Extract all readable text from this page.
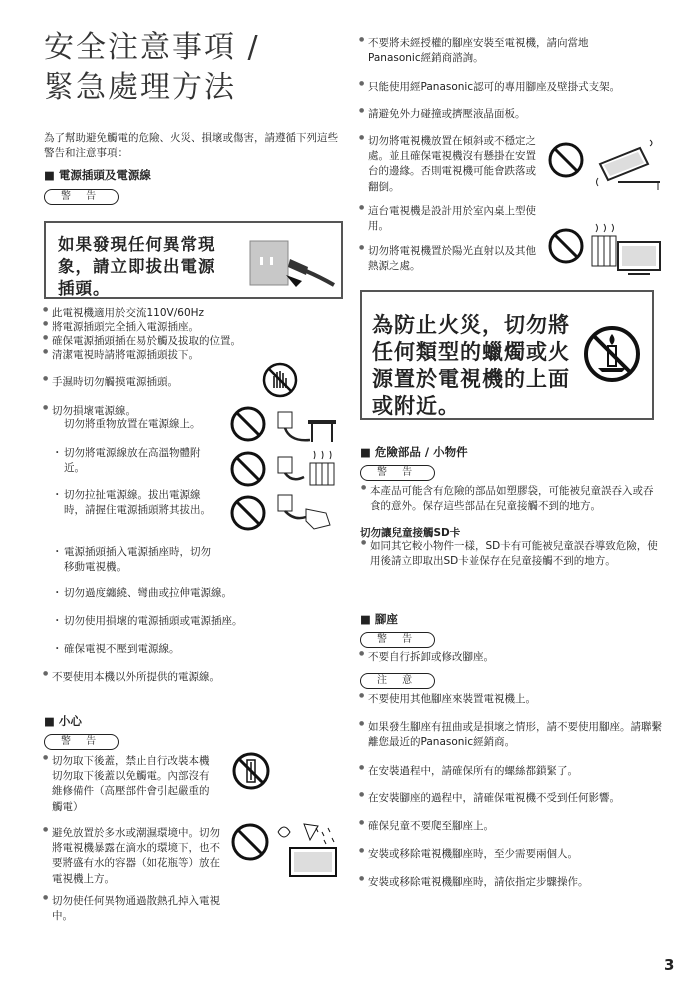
安全注意事項 /
緊急處理方法
為了幫助避免觸電的危險、火災、損壞或傷害，請遵循下列這些警告和注意事項：
■ 電源插頭及電源線
警 告
如果發現任何異常現
象，請立即拔出電源
插頭。
● 此電視機適用於交流110V/60Hz
● 將電源插頭完全插入電源插座。
● 確保電源插頭插在易於觸及拔取的位置。
● 清潔電視時請將電源插頭拔下。
● 手濕時切勿觸摸電源插頭。
● 切勿損壞電源線。
切勿將重物放置在電源線上。
・ 切勿將電源線放在高溫物體附近。
・ 切勿拉扯電源線。拔出電源線時，請握住電源插頭將其拔出。
・ 電源插頭插入電源插座時，切勿移動電視機。
・ 切勿過度纏繞、彎曲或拉伸電源線。
・ 切勿使用損壞的電源插頭或電源插座。
・ 確保電視不壓到電源線。
● 不要使用本機以外所提供的電源線。
■ 小心
警 告
● 切勿取下後蓋，禁止自行改裝本機切勿取下後蓋以免觸電。內部沒有維修備件（高壓部件會引起嚴重的觸電）
● 避免放置於多水或潮濕環境中。切勿將電視機暴露在滴水的環境下，也不要將盛有水的容器（如花瓶等）放在電視機上方。
● 切勿使任何異物通過散熱孔掉入電視中。
● 不要將未經授權的腳座安裝至電視機，請向當地Panasonic經銷商諮詢。
● 只能使用經Panasonic認可的專用腳座及壁掛式支架。
● 請避免外力碰撞或擠壓液晶面板。
● 切勿將電視機放置在傾斜或不穩定之處。並且確保電視機沒有懸掛在安置台的邊緣。否則電視機可能會跌落或翻倒。
● 這台電視機是設計用於室內桌上型使用。
● 切勿將電視機置於陽光直射以及其他熱源之處。
為防止火災，切勿將
任何類型的蠟燭或火
源置於電視機的上面
或附近。
■ 危險部品 / 小物件
警 告
● 本產品可能含有危險的部品如塑膠袋，可能被兒童誤吞入或吞食的意外。保存這些部品在兒童接觸不到的地方。
切勿讓兒童接觸SD卡
● 如同其它較小物件一樣，SD卡有可能被兒童誤吞導致危險，使用後請立即取出SD卡並保存在兒童接觸不到的地方。
■ 腳座
警 告
● 不要自行拆卸或修改腳座。
注 意
● 不要使用其他腳座來裝置電視機上。
● 如果發生腳座有扭曲或是損壞之情形，請不要使用腳座。請聯繫離您最近的Panasonic經銷商。
● 在安裝過程中，請確保所有的螺絲都鎖緊了。
● 在安裝腳座的過程中，請確保電視機不受到任何影響。
● 確保兒童不要爬至腳座上。
● 安裝或移除電視機腳座時，至少需要兩個人。
● 安裝或移除電視機腳座時，請依指定步驟操作。
3
